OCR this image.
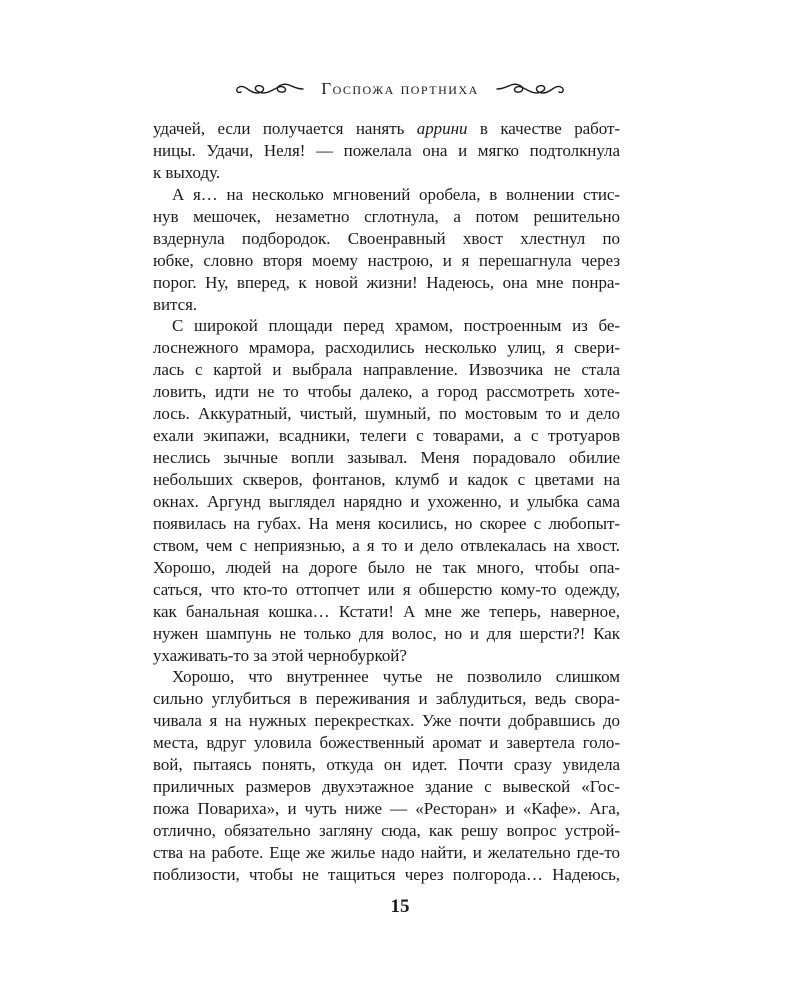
Госпожа портниха
удачей, если получается нанять аррини в качестве работ-
ницы. Удачи, Неля! — пожелала она и мягко подтолкнула
к выходу.
А я… на несколько мгновений оробела, в волнении стис-
нув мешочек, незаметно сглотнула, а потом решительно
вздернула подбородок. Своенравный хвост хлестнул по
юбке, словно вторя моему настрою, и я перешагнула через
порог. Ну, вперед, к новой жизни! Надеюсь, она мне понра-
вится.
С широкой площади перед храмом, построенным из бе-
лоснежного мрамора, расходились несколько улиц, я свери-
лась с картой и выбрала направление. Извозчика не стала
ловить, идти не то чтобы далеко, а город рассмотреть хоте-
лось. Аккуратный, чистый, шумный, по мостовым то и дело
ехали экипажи, всадники, телеги с товарами, а с тротуаров
неслись зычные вопли зазывал. Меня порадовало обилие
небольших скверов, фонтанов, клумб и кадок с цветами на
окнах. Аргунд выглядел нарядно и ухоженно, и улыбка сама
появилась на губах. На меня косились, но скорее с любопыт-
ством, чем с неприязнью, а я то и дело отвлекалась на хвост.
Хорошо, людей на дороге было не так много, чтобы опа-
саться, что кто-то оттопчет или я обшерстю кому-то одежду,
как банальная кошка… Кстати! А мне же теперь, наверное,
нужен шампунь не только для волос, но и для шерсти?! Как
ухаживать-то за этой чернобуркой?
Хорошо, что внутреннее чутье не позволило слишком
сильно углубиться в переживания и заблудиться, ведь свора-
чивала я на нужных перекрестках. Уже почти добравшись до
места, вдруг уловила божественный аромат и завертела голо-
вой, пытаясь понять, откуда он идет. Почти сразу увидела
приличных размеров двухэтажное здание с вывеской «Гос-
пожа Повариха», и чуть ниже — «Ресторан» и «Кафе». Ага,
отлично, обязательно загляну сюда, как решу вопрос устрой-
ства на работе. Еще же жилье надо найти, и желательно где-то
поблизости, чтобы не тащиться через полгорода… Надеюсь,
15
